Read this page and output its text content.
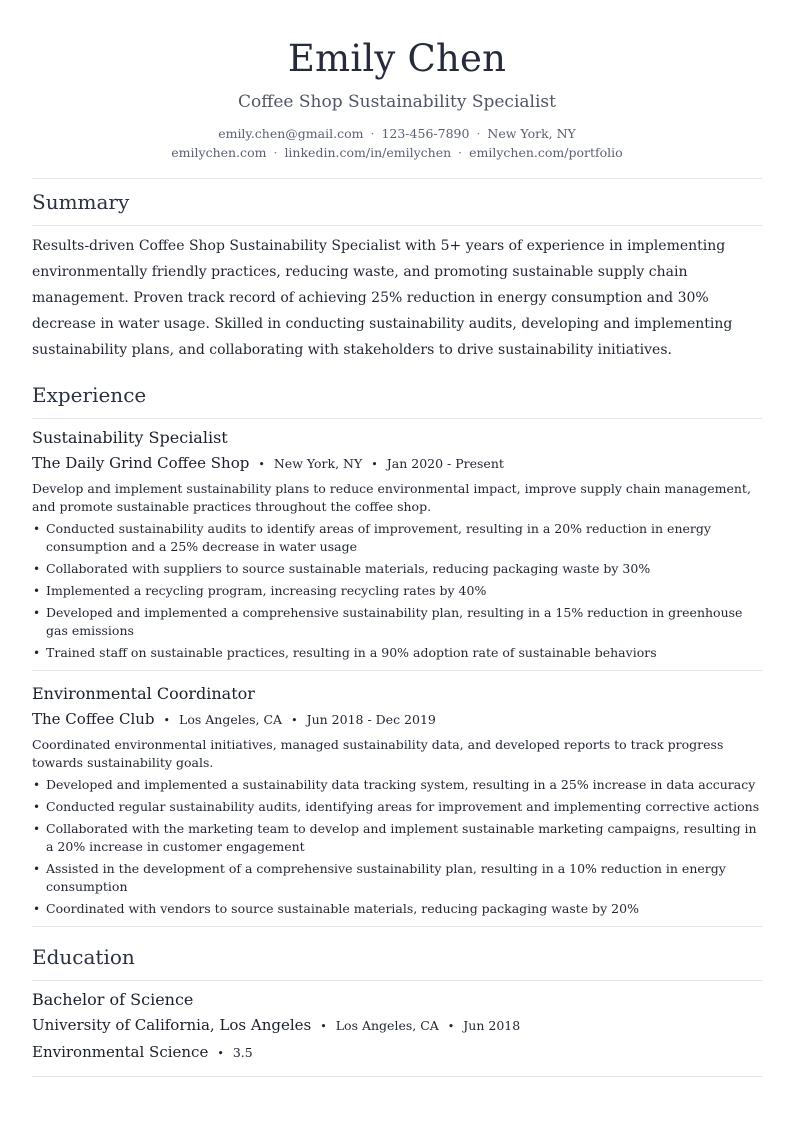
Emily Chen
Coffee Shop Sustainability Specialist
emily.chen@gmail.com · 123-456-7890 · New York, NY
emilychen.com · linkedin.com/in/emilychen · emilychen.com/portfolio
Summary

Results-driven Coffee Shop Sustainability Specialist with 5+ years of experience in implementing environmentally friendly practices, reducing waste, and promoting sustainable supply chain management. Proven track record of achieving 25% reduction in energy consumption and 30% decrease in water usage. Skilled in conducting sustainability audits, developing and implementing sustainability plans, and collaborating with stakeholders to drive sustainability initiatives.

Experience
Sustainability Specialist
The Daily Grind Coffee Shop • New York, NY • Jan 2020 - Present

Develop and implement sustainability plans to reduce environmental impact, improve supply chain management, and promote sustainable practices throughout the coffee shop.

• Conducted sustainability audits to identify areas of improvement, resulting in a 20% reduction in energy consumption and a 25% decrease in water usage
• Collaborated with suppliers to source sustainable materials, reducing packaging waste by 30%
• Implemented a recycling program, increasing recycling rates by 40%
• Developed and implemented a comprehensive sustainability plan, resulting in a 15% reduction in greenhouse gas emissions
• Trained staff on sustainable practices, resulting in a 90% adoption rate of sustainable behaviors
Environmental Coordinator
The Coffee Club • Los Angeles, CA • Jun 2018 - Dec 2019

Coordinated environmental initiatives, managed sustainability data, and developed reports to track progress towards sustainability goals.

• Developed and implemented a sustainability data tracking system, resulting in a 25% increase in data accuracy
• Conducted regular sustainability audits, identifying areas for improvement and implementing corrective actions
• Collaborated with the marketing team to develop and implement sustainable marketing campaigns, resulting in a 20% increase in customer engagement
• Assisted in the development of a comprehensive sustainability plan, resulting in a 10% reduction in energy consumption
• Coordinated with vendors to source sustainable materials, reducing packaging waste by 20%
Education
Bachelor of Science
University of California, Los Angeles • Los Angeles, CA • Jun 2018
Environmental Science • 3.5
